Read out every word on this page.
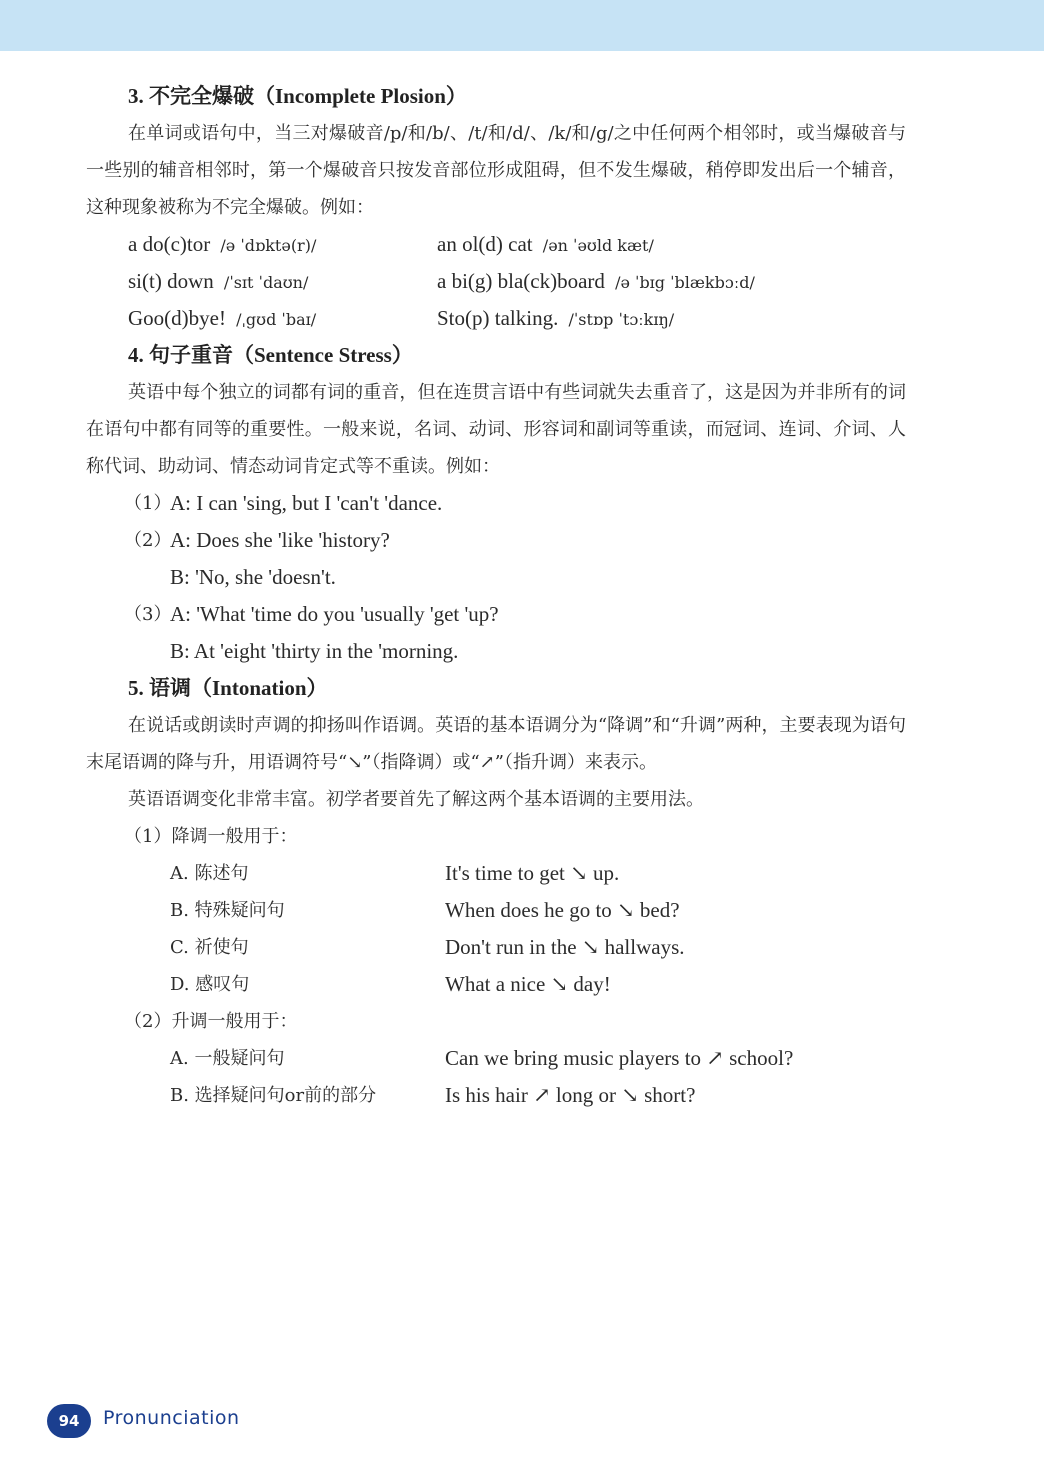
3. 不完全爆破（Incomplete Plosion）

在单词或语句中，当三对爆破音/p/和/b/、/t/和/d/、/k/和/g/之中任何两个相邻时，或当爆破音与一些别的辅音相邻时，第一个爆破音只按发音部位形成阻碍，但不发生爆破，稍停即发出后一个辅音，这种现象被称为不完全爆破。例如：

a do(c)tor /ə ˈdɒktə(r)/	an ol(d) cat /ən ˈəʊld kæt/
si(t) down /ˈsɪt ˈdaʊn/	a bi(g) bla(ck)board /ə ˈbɪg ˈblækbɔːd/
Goo(d)bye! /ˌgʊd ˈbaɪ/	Sto(p) talking. /ˈstɒp ˈtɔːkɪŋ/
4. 句子重音（Sentence Stress）

英语中每个独立的词都有词的重音，但在连贯言语中有些词就失去重音了，这是因为并非所有的词在语句中都有同等的重要性。一般来说，名词、动词、形容词和副词等重读，而冠词、连词、介词、人称代词、助动词、情态动词肯定式等不重读。例如：

（1）
A: I can 'sing, but I 'can't 'dance.
（2）
A: Does she 'like 'history?
B: 'No, she 'doesn't.
（3）
A: 'What 'time do you 'usually 'get 'up?
B: At 'eight 'thirty in the 'morning.
5. 语调（Intonation）

在说话或朗读时声调的抑扬叫作语调。英语的基本语调分为“降调”和“升调”两种，主要表现为语句末尾语调的降与升，用语调符号“↘”（指降调）或“↗”（指升调）来表示。

英语语调变化非常丰富。初学者要首先了解这两个基本语调的主要用法。

（1）降调一般用于：
A. 陈述句	It's time to get ↘ up.
B. 特殊疑问句	When does he go to ↘ bed?
C. 祈使句	Don't run in the ↘ hallways.
D. 感叹句	What a nice ↘ day!
（2）升调一般用于：
A. 一般疑问句	Can we bring music players to ↗ school?
B. 选择疑问句or前的部分	Is his hair ↗ long or ↘ short?
94	Pronunciation
